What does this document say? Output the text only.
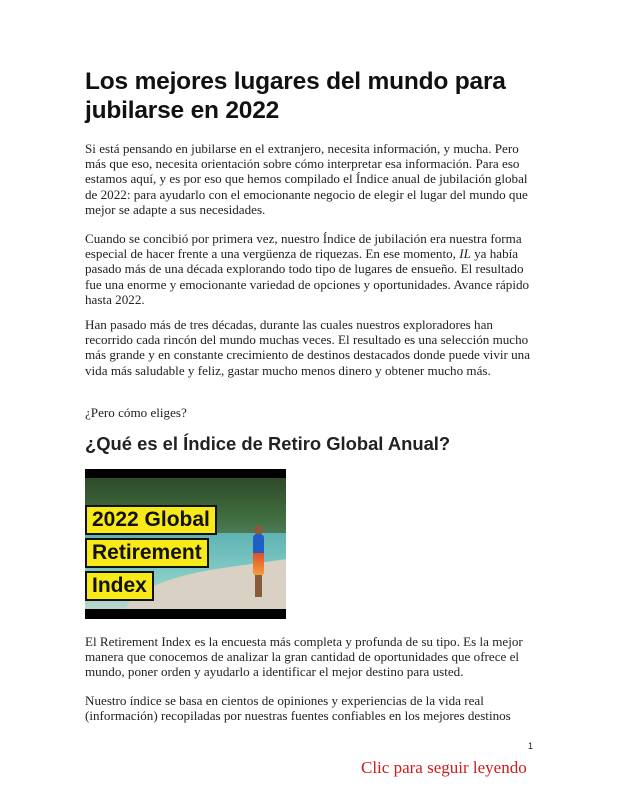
Los mejores lugares del mundo para jubilarse en 2022

Si está pensando en jubilarse en el extranjero, necesita información, y mucha. Pero más que eso, necesita orientación sobre cómo interpretar esa información. Para eso estamos aquí, y es por eso que hemos compilado el Índice anual de jubilación global de 2022: para ayudarlo con el emocionante negocio de elegir el lugar del mundo que mejor se adapte a sus necesidades.

Cuando se concibió por primera vez, nuestro Índice de jubilación era nuestra forma especial de hacer frente a una vergüenza de riquezas. En ese momento, IL ya había pasado más de una década explorando todo tipo de lugares de ensueño. El resultado fue una enorme y emocionante variedad de opciones y oportunidades. Avance rápido hasta 2022.

Han pasado más de tres décadas, durante las cuales nuestros exploradores han recorrido cada rincón del mundo muchas veces. El resultado es una selección mucho más grande y en constante crecimiento de destinos destacados donde puede vivir una vida más saludable y feliz, gastar mucho menos dinero y obtener mucho más.

¿Pero cómo eliges?

¿Qué es el Índice de Retiro Global Anual?
2022 Global
Retirement
Index

El Retirement Index es la encuesta más completa y profunda de su tipo. Es la mejor manera que conocemos de analizar la gran cantidad de oportunidades que ofrece el mundo, poner orden y ayudarlo a identificar el mejor destino para usted.

Nuestro índice se basa en cientos de opiniones y experiencias de la vida real (información) recopiladas por nuestras fuentes confiables en los mejores destinos

1
Clic para seguir leyendo
